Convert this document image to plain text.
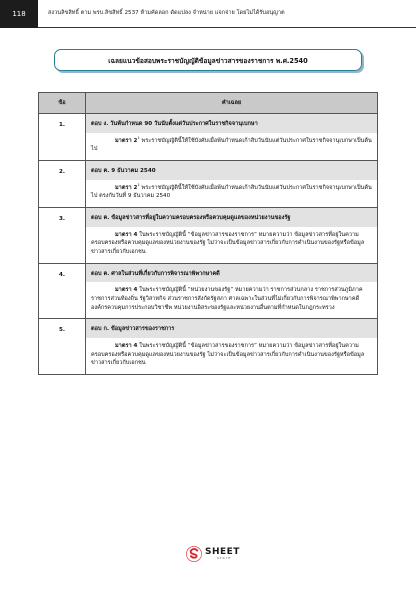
118	สงวนลิขสิทธิ์ ตาม พรบ.ลิขสิทธิ์ 2537 ห้ามคัดลอก ดัดแปลง จำหน่าย แจกจ่าย โดยไม่ได้รับอนุญาต
เฉลยแนวข้อสอบพระราชบัญญัติข้อมูลข่าวสารของราชการ พ.ศ.2540
ข้อ	คำเฉลย
1.	ตอบ ง. วันพ้นกำหนด 90 วันนับตั้งแต่วันประกาศในราชกิจจานุเบกษา
มาตรา $2^1$ พระราชบัญญัตินี้ให้ใช้บังคับเมื่อพ้นกำหนดเก้าสิบวันนับแต่วันประกาศในราชกิจจานุเบกษาเป็นต้นไป

2.	ตอบ ค. 9 ธันวาคม 2540
มาตรา $2^1$ พระราชบัญญัตินี้ให้ใช้บังคับเมื่อพ้นกำหนดเก้าสิบวันนับแต่วันประกาศในราชกิจจานุเบกษาเป็นต้นไป ตรงกับวันที่ 9 ธันวาคม 2540

3.	ตอบ ค. ข้อมูลข่าวสารที่อยู่ในความครอบครองหรือควบคุมดูแลของหน่วยงานของรัฐ
มาตรา 4 ในพระราชบัญญัตินี้ “ข้อมูลข่าวสารของราชการ” หมายความว่า ข้อมูลข่าวสารที่อยู่ในความครอบครองหรือควบคุมดูแลของหน่วยงานของรัฐ ไม่ว่าจะเป็นข้อมูลข่าวสารเกี่ยวกับการดำเนินงานของรัฐหรือข้อมูลข่าวสารเกี่ยวกับเอกชน

4.	ตอบ ค. ศาลในส่วนที่เกี่ยวกับการพิจารณาพิพากษาคดี
มาตรา 4 ในพระราชบัญญัตินี้ “หน่วยงานของรัฐ” หมายความว่า ราชการส่วนกลาง ราชการส่วนภูมิภาค ราชการส่วนท้องถิ่น รัฐวิสาหกิจ ส่วนราชการสังกัดรัฐสภา ศาลเฉพาะในส่วนที่ไม่เกี่ยวกับการพิจารณาพิพากษาคดีองค์กรควบคุมการประกอบวิชาชีพ หน่วยงานอิสระของรัฐและหน่วยงานอื่นตามที่กำหนดในกฎกระทรวง

5.	ตอบ ก. ข้อมูลข่าวสารของราชการ
มาตรา 4 ในพระราชบัญญัตินี้ “ข้อมูลข่าวสารของราชการ” หมายความว่า ข้อมูลข่าวสารที่อยู่ในความครอบครองหรือควบคุมดูแลของหน่วยงานของรัฐ ไม่ว่าจะเป็นข้อมูลข่าวสารเกี่ยวกับการดำเนินงานของรัฐหรือข้อมูลข่าวสารเกี่ยวกับเอกชน
SHEET
store
